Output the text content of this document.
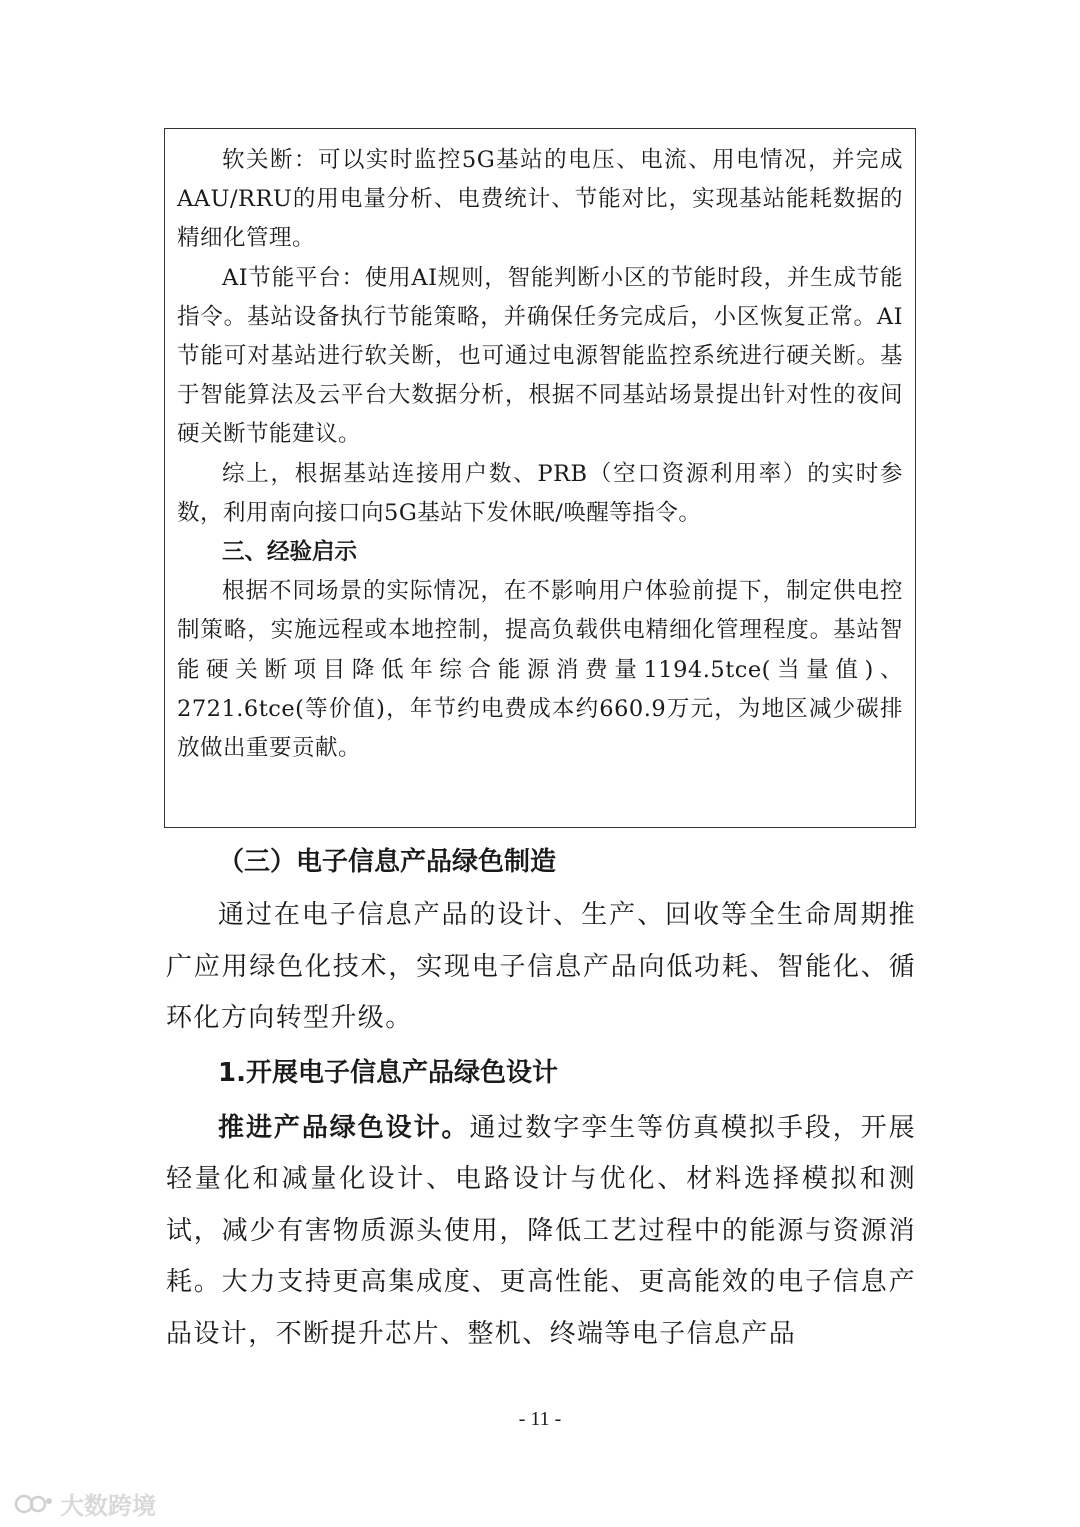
软关断：可以实时监控5G基站的电压、电流、用电情况，并完成AAU/RRU的用电量分析、电费统计、节能对比，实现基站能耗数据的精细化管理。

AI节能平台：使用AI规则，智能判断小区的节能时段，并生成节能指令。基站设备执行节能策略，并确保任务完成后，小区恢复正常。AI节能可对基站进行软关断，也可通过电源智能监控系统进行硬关断。基于智能算法及云平台大数据分析，根据不同基站场景提出针对性的夜间硬关断节能建议。

综上，根据基站连接用户数、PRB（空口资源利用率）的实时参数，利用南向接口向5G基站下发休眠/唤醒等指令。

三、经验启示

根据不同场景的实际情况，在不影响用户体验前提下，制定供电控制策略，实施远程或本地控制，提高负载供电精细化管理程度。基站智能硬关断项目降低年综合能源消费量1194.5tce(当量值)、2721.6tce(等价值)，年节约电费成本约660.9万元，为地区减少碳排放做出重要贡献。

（三）电子信息产品绿色制造

通过在电子信息产品的设计、生产、回收等全生命周期推广应用绿色化技术，实现电子信息产品向低功耗、智能化、循环化方向转型升级。

1.开展电子信息产品绿色设计

推进产品绿色设计。通过数字孪生等仿真模拟手段，开展轻量化和减量化设计、电路设计与优化、材料选择模拟和测试，减少有害物质源头使用，降低工艺过程中的能源与资源消耗。大力支持更高集成度、更高性能、更高能效的电子信息产品设计，不断提升芯片、整机、终端等电子信息产品

- 11 -
大数跨境
